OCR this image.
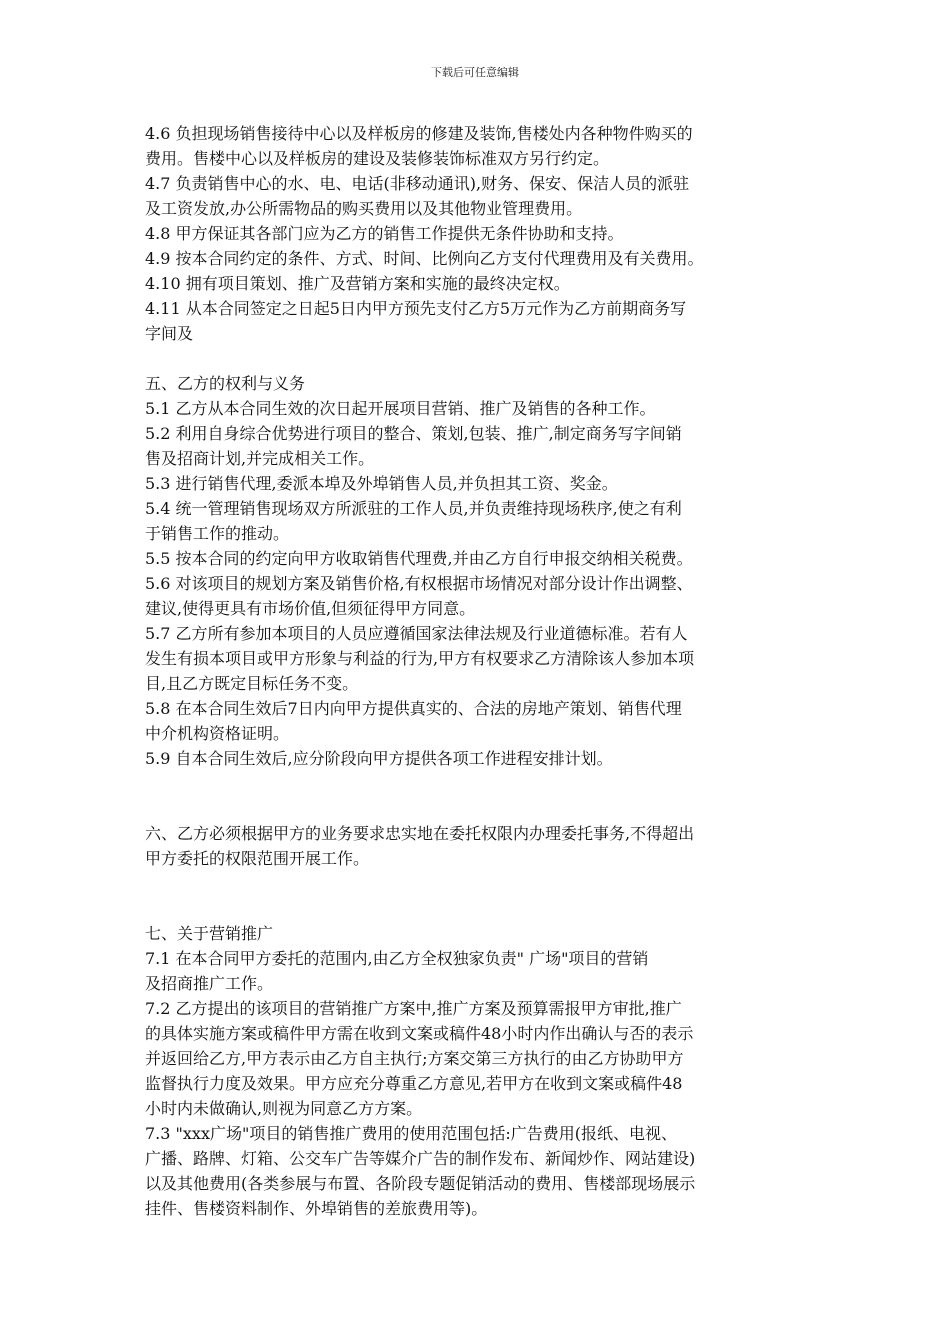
下载后可任意编辑
4.6 负担现场销售接待中心以及样板房的修建及装饰,售楼处内各种物件购买的
费用。售楼中心以及样板房的建设及装修装饰标准双方另行约定。
4.7 负责销售中心的水、电、电话(非移动通讯),财务、保安、保洁人员的派驻
及工资发放,办公所需物品的购买费用以及其他物业管理费用。
4.8 甲方保证其各部门应为乙方的销售工作提供无条件协助和支持。
4.9 按本合同约定的条件、方式、时间、比例向乙方支付代理费用及有关费用。
4.10 拥有项目策划、推广及营销方案和实施的最终决定权。
4.11 从本合同签定之日起5日内甲方预先支付乙方5万元作为乙方前期商务写
字间及
五、乙方的权利与义务
5.1 乙方从本合同生效的次日起开展项目营销、推广及销售的各种工作。
5.2 利用自身综合优势进行项目的整合、策划,包装、推广,制定商务写字间销
售及招商计划,并完成相关工作。
5.3 进行销售代理,委派本埠及外埠销售人员,并负担其工资、奖金。
5.4 统一管理销售现场双方所派驻的工作人员,并负责维持现场秩序,使之有利
于销售工作的推动。
5.5 按本合同的约定向甲方收取销售代理费,并由乙方自行申报交纳相关税费。
5.6 对该项目的规划方案及销售价格,有权根据市场情况对部分设计作出调整、
建议,使得更具有市场价值,但须征得甲方同意。
5.7 乙方所有参加本项目的人员应遵循国家法律法规及行业道德标准。若有人
发生有损本项目或甲方形象与利益的行为,甲方有权要求乙方清除该人参加本项
目,且乙方既定目标任务不变。
5.8 在本合同生效后7日内向甲方提供真实的、合法的房地产策划、销售代理
中介机构资格证明。
5.9 自本合同生效后,应分阶段向甲方提供各项工作进程安排计划。
六、乙方必须根据甲方的业务要求忠实地在委托权限内办理委托事务,不得超出
甲方委托的权限范围开展工作。
七、关于营销推广
7.1 在本合同甲方委托的范围内,由乙方全权独家负责" 广场"项目的营销
及招商推广工作。
7.2 乙方提出的该项目的营销推广方案中,推广方案及预算需报甲方审批,推广
的具体实施方案或稿件甲方需在收到文案或稿件48小时内作出确认与否的表示
并返回给乙方,甲方表示由乙方自主执行;方案交第三方执行的由乙方协助甲方
监督执行力度及效果。甲方应充分尊重乙方意见,若甲方在收到文案或稿件48
小时内未做确认,则视为同意乙方方案。
7.3 "xxx广场"项目的销售推广费用的使用范围包括:广告费用(报纸、电视、
广播、路牌、灯箱、公交车广告等媒介广告的制作发布、新闻炒作、网站建设)
以及其他费用(各类参展与布置、各阶段专题促销活动的费用、售楼部现场展示
挂件、售楼资料制作、外埠销售的差旅费用等)。
